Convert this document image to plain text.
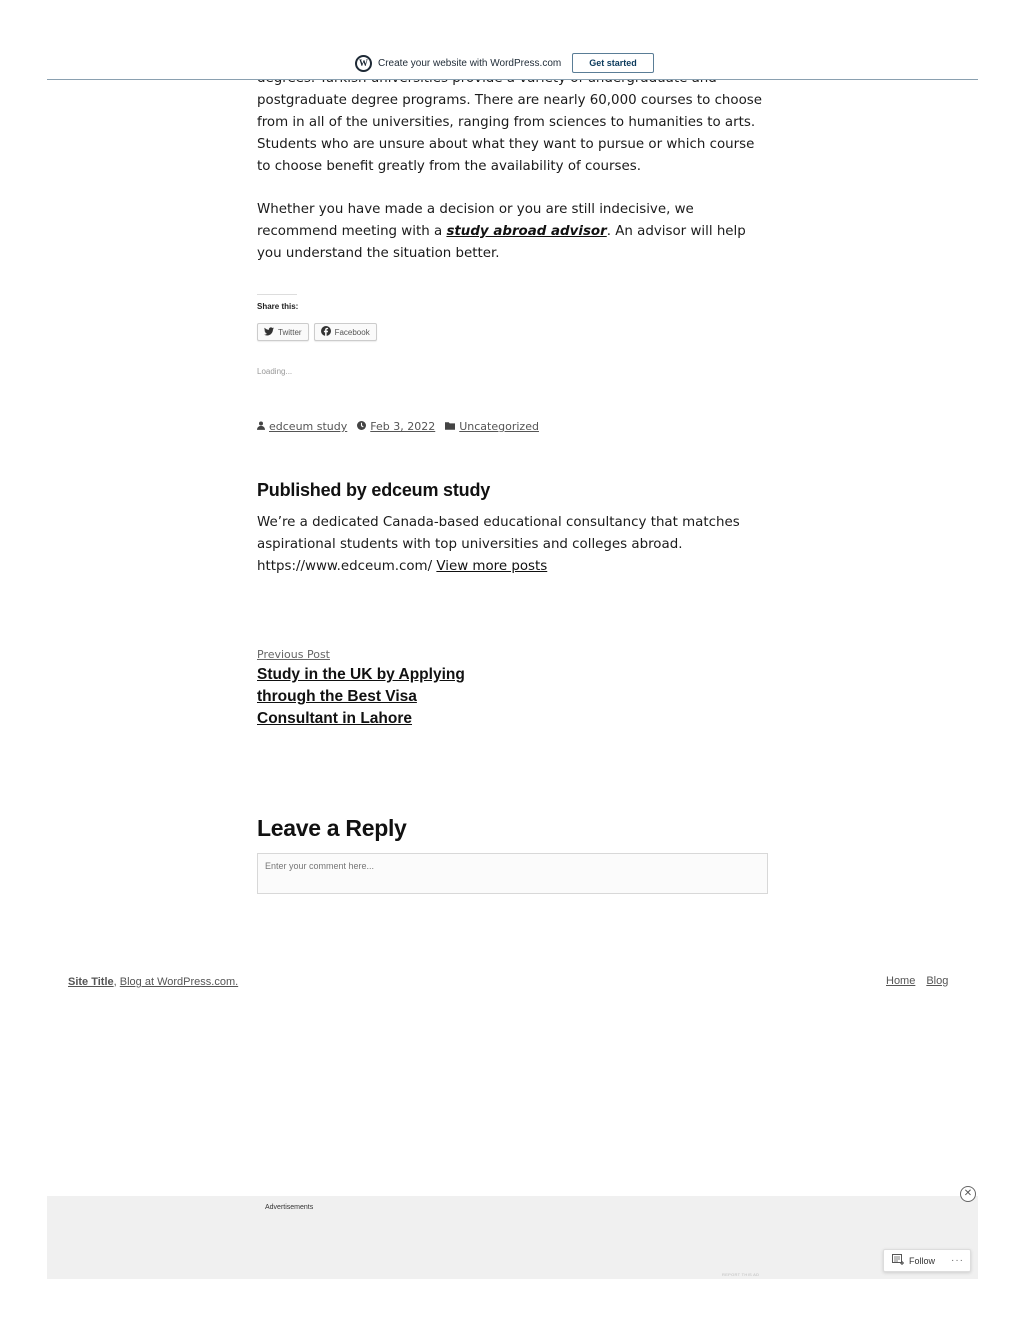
W	Create your website with WordPress.com	Get started

postgraduate degree programs. There are nearly 60,000 courses to choose from in all of the universities, ranging from sciences to humanities to arts. Students who are unsure about what they want to pursue or which course to choose benefit greatly from the availability of courses.

Whether you have made a decision or you are still indecisive, we recommend meeting with a study abroad advisor. An advisor will help you understand the situation better.

Share this:
Twitter	Facebook
Loading...
edceum study Feb 3, 2022 Uncategorized
Published by edceum study

We’re a dedicated Canada-based educational consultancy that matches aspirational students with top universities and colleges abroad. https://www.edceum.com/ View more posts

Previous Post
Study in the UK by Applying through the Best Visa Consultant in Lahore
Leave a Reply
Enter your comment here...
Site Title, Blog at WordPress.com.	Home Blog
Advertisements
REPORT THIS AD
✕
Follow ···
